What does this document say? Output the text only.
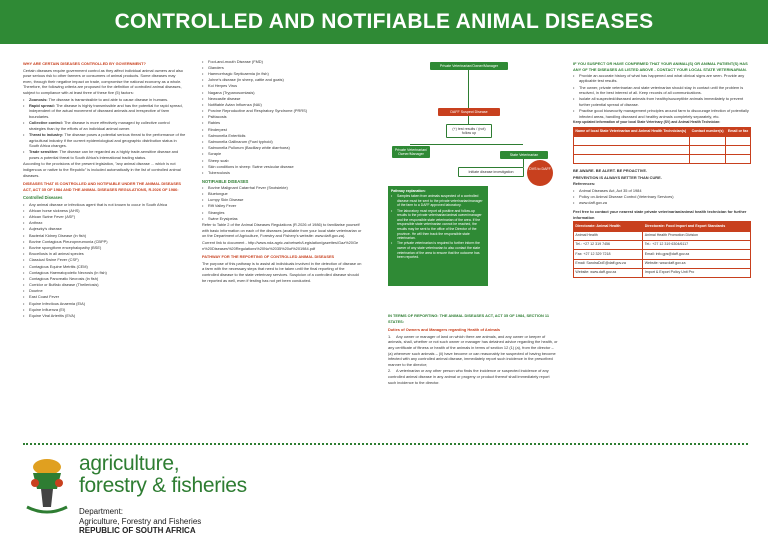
CONTROLLED AND NOTIFIABLE ANIMAL DISEASES
WHY ARE CERTAIN DISEASES CONTROLLED BY GOVERNMENT?

Certain diseases require government control as they affect individual animal owners and also pose serious risk to other farmers or consumers of animal products. Some diseases may even, through their negative impact on trade, compromise the national economy as a whole. Therefore, the following criteria are proposed for the definition of controlled animal diseases, subject to compliance with at least three of these five (5) factors:

• Zoonosis: The disease is transmissible to and able to cause disease in humans.
• Rapid spread: The disease is highly transmissible and has the potential for rapid spread, independent of the actual movement of diseased animals and irrespective of farm boundaries.
• Collective control: The disease is more effectively managed by collective control strategies than by the efforts of an individual animal owner.
• Threat to industry: The disease poses a potential serious threat to the performance of the agricultural industry if the current epidemiological and geographic distribution status in South Africa changes.
• Trade sensitive: The disease can be regarded as a highly trade-sensitive disease and poses a potential threat to South Africa's international trading status.

According to the provisions of the present legislation, "any animal disease ... which is not indigenous or native to the Republic" is included automatically in the list of controlled animal diseases.

DISEASES THAT IS CONTROLLED AND NOTIFIABLE UNDER THE ANIMAL DISEASES ACT, ACT 35 OF 1984 AND THE ANIMAL DISEASES REGULATIONS, R.2026 OF 1986:
Controlled Diseases
• Any animal disease or infectious agent that is not known to occur in South Africa
• African horse sickness (AHS)
• African Swine Fever (ASF)
• Anthrax
• Aujeszky's disease
• Bacterial Kidney Disease (in fish)
• Bovine Contagious Pleuropneumonia (CBPP)
• Bovine spongiform encephalopathy (BSE)
• Brucellosis in all animal species
• Classical Swine Fever (CSF)
• Contagious Equine Metritis (CEM)
• Contagious Haematopoietic Necrosis (in fish)
• Contagious Pancreatic Necrosis (in fish)
• Corridor or Buffalo disease (Theileriosis)
• Dourine
• East Coast Fever
• Equine Infectious Anaemia (EIA)
• Equine Influenza (EI)
• Equine Viral Arteritis (EVA)
• Foot-and-mouth Disease (FMD)
• Glanders
• Haemorrhagic Septicaemia (in fish)
• Johne's disease (in sheep, cattle and goats)
• Koi Herpes Virus
• Nagana (Trypanosomiasis)
• Newcastle disease
• Notifiable Avian Influenza (NAI)
• Porcine Reproductive and Respiratory Syndrome (PRRS)
• Psittacosis
• Rabies
• Rinderpest
• Salmonella Enteritidis
• Salmonella Gallinarum (Fowl typhoid)
• Salmonella Pullorum (Bacillary white diarrhoea)
• Scrapie
• Sheep scab
• Skin conditions in sheep: Swine vesicular disease
• Tuberculosis
NOTIFIABLE DISEASES
• Bovine Malignant Catarrhal Fever (Snotsiekte)
• Bluetongue
• Lumpy Skin Disease
• Rift Valley Fever
• Strangles
• Swine Erysipelas

Refer to Table 2 of the Animal Diseases Regulations (R.2026 of 1986) to familiarise yourself with basic information on each of the diseases (available from your local state veterinarian or on the Department of Agriculture, Forestry and Fishery's website: www.daff.gov.za).

Current link to document - http://www.nda.agric.za/vetweb/Legislation/gazettes/Gaz%20Gen%20Diseases%20Regulations%20No%2035%20of%201984.pdf

PATHWAY FOR THE REPORTING OF CONTROLLED ANIMAL DISEASES

The purpose of this pathway is to assist all individuals involved in the detection of disease on a farm with the necessary steps that need to be taken until the final reporting of the controlled disease to the state veterinary services. Suspicion of a controlled disease should be reported as well, even if testing has not yet been conducted.

Private Veterinarian/Owner/Manager
DAFF Suspect Disease
(+) test results / (not) follow up
Private Veterinarian/ Owner/Manager	State Veterinarian
Initiate disease investigation
Pathway explanation:
• Samples taken from animals suspected of a controlled disease must be sent to the private veterinarian/manager of the farm to a DAFF approved laboratory.
• The laboratory must report all positive and follow-up results to the private veterinarian/animal owner/manager and the responsible state veterinarian of the area. If the responsible state veterinarian cannot be reached, the results may be sent to the office of the Director of the province. He will then track the responsible state veterinarian.
• The private veterinarian is required to further inform the owner of any state veterinarian to also contact the state veterinarian of the area to ensure that the outcome has been reported.
DVS to DAFF
IN TERMS OF REPORTING: THE ANIMAL DISEASES ACT, ACT 35 OF 1984, SECTION 11 STATES:
Duties of Owners and Managers regarding Health of Animals

1. Any owner or manager of land on which there are animals, and any owner or keeper of animals, shall, whether or not such owner or manager has detained advice regarding the health, or any certificate of fitness or health of the animals in terms of section 12 (1) (a), from the director – (a) whenever such animals – (ii) have become or can reasonably be suspected of having become infected with any controlled animal disease, immediately report such incidence in the prescribed manner to the director;

2. A veterinarian or any other person who finds the incidence or suspected incidence of any controlled animal disease in any animal or progeny or product thereof shall immediately report such incidence to the director.

IF YOU SUSPECT OR HAVE CONFIRMED THAT YOUR ANIMAL(S) OR ANIMAL PATIENT(S) HAS ANY OF THE DISEASES AS LISTED ABOVE - CONTACT YOUR LOCAL STATE VETERINARIAN.
• Provide an accurate history of what has happened and what clinical signs are seen. Provide any applicable test results.
• The owner, private veterinarian and state veterinarian should stay in contact until the problem is resolved, in the best interest of all. Keep records of all communications.
• Isolate all suspected/diseased animals from healthy/susceptible animals immediately to prevent further potential spread of disease.
• Practise good biosecurity management principles around farm to discourage infection of potentially infected areas, handling diseased and healthy animals completely separately, etc.

Keep updated information of your local State Veterinary (SV) and Animal Health Technician:

Name of local State Veterinarian and Animal Health Technician(s)	Contact number(s)	Email or fax

BE AWARE. BE ALERT. BE PROACTIVE.

PREVENTION IS ALWAYS BETTER THAN CURE.

References:

• Animal Diseases Act, Act 35 of 1984
• Policy on Animal Disease Control (Veterinary Services)
• www.daff.gov.za

Feel free to contact your nearest state private veterinarian/animal health technician for further information

Directorate: Animal Health	Directorate: Food Import and Export Standards
Animal Health	Animal Health Promotion Division
Tel.: +27 12 319 7456	Tel.: +27 12 319 6304/6117
Fax: +27 12 329 7218	Email: info.gps@daff.gov.za
Email: SandraDoE@daff.gov.za	Website: www.daff.gov.za
Website: www.daff.gov.za	Import & Export Policy Unit Pro
agriculture,
forestry & fisheries
Department:
Agriculture, Forestry and Fisheries
REPUBLIC OF SOUTH AFRICA
